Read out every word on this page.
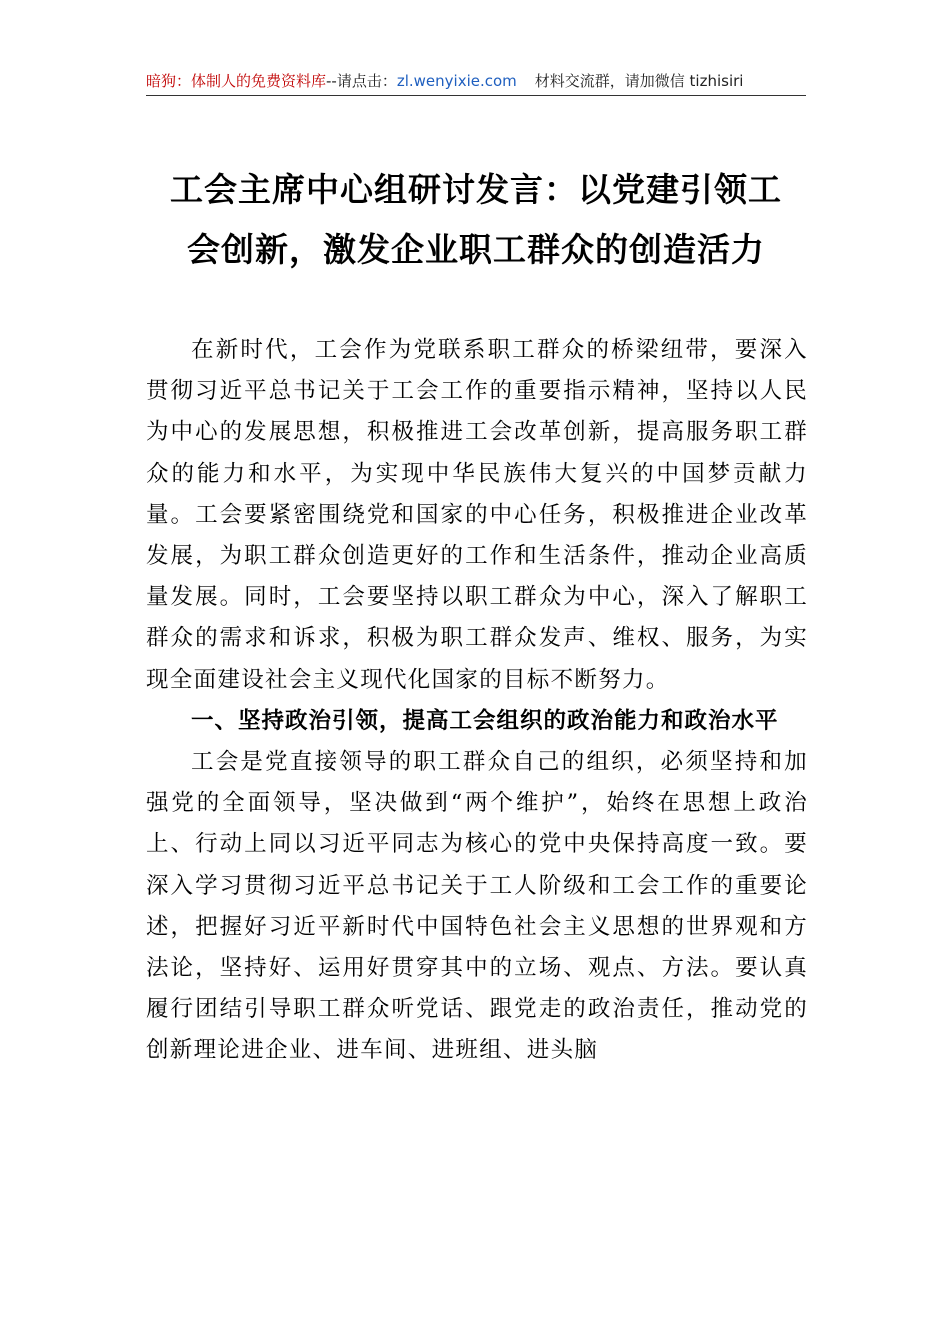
暗狗：体制人的免费资料库--请点击：zl.wenyixie.com 材料交流群，请加微信 tizhisiri
工会主席中心组研讨发言：以党建引领工
会创新，激发企业职工群众的创造活力

在新时代，工会作为党联系职工群众的桥梁纽带，要深入贯彻习近平总书记关于工会工作的重要指示精神，坚持以人民为中心的发展思想，积极推进工会改革创新，提高服务职工群众的能力和水平，为实现中华民族伟大复兴的中国梦贡献力量。工会要紧密围绕党和国家的中心任务，积极推进企业改革发展，为职工群众创造更好的工作和生活条件，推动企业高质量发展。同时，工会要坚持以职工群众为中心，深入了解职工群众的需求和诉求，积极为职工群众发声、维权、服务，为实现全面建设社会主义现代化国家的目标不断努力。

一、坚持政治引领，提高工会组织的政治能力和政治水平

工会是党直接领导的职工群众自己的组织，必须坚持和加强党的全面领导，坚决做到“两个维护”，始终在思想上政治上、行动上同以习近平同志为核心的党中央保持高度一致。要深入学习贯彻习近平总书记关于工人阶级和工会工作的重要论述，把握好习近平新时代中国特色社会主义思想的世界观和方法论，坚持好、运用好贯穿其中的立场、观点、方法。要认真履行团结引导职工群众听党话、跟党走的政治责任，推动党的创新理论进企业、进车间、进班组、进头脑
